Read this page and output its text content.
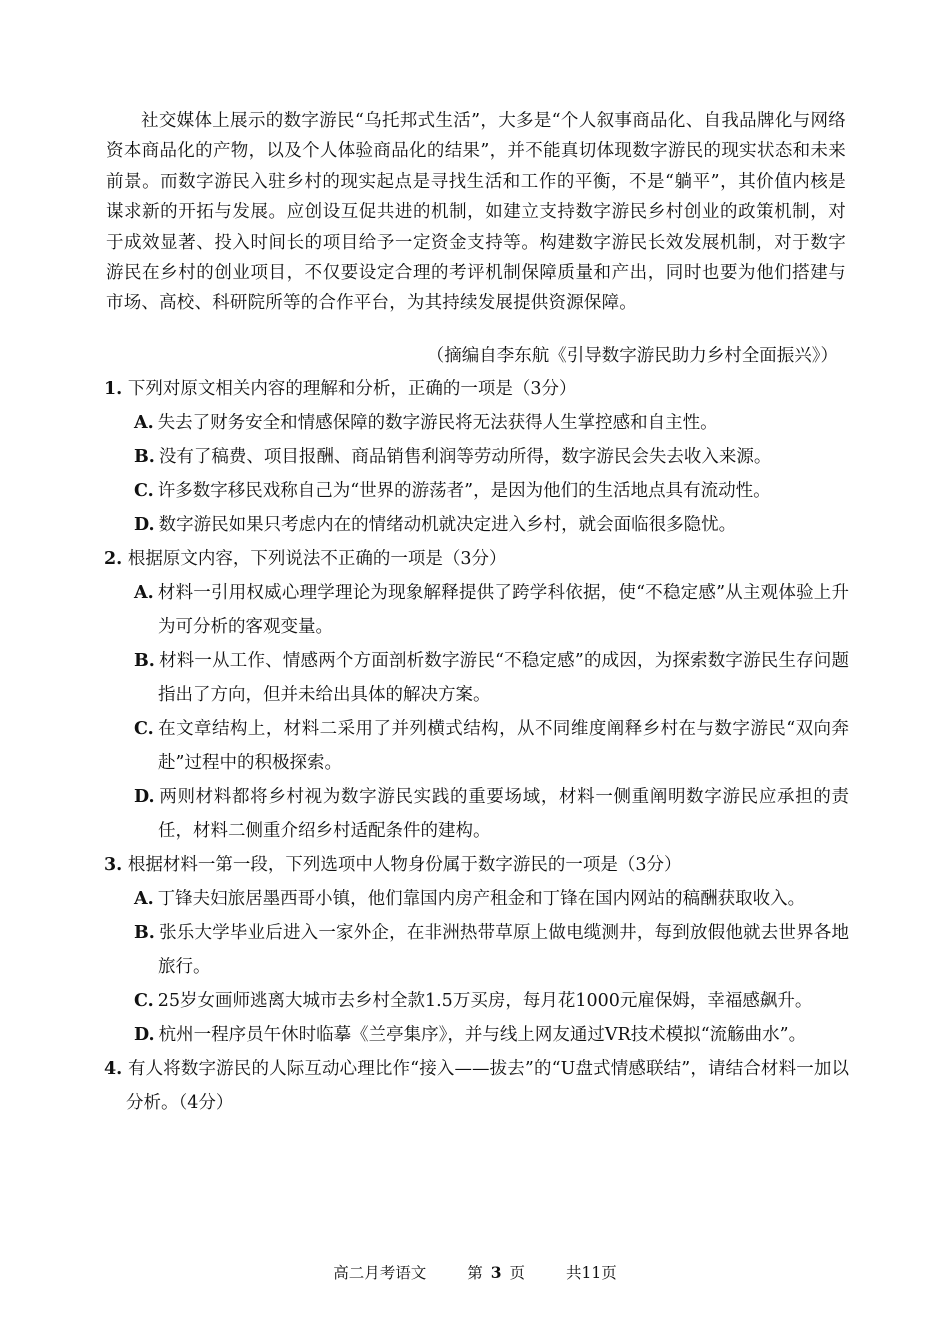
社交媒体上展示的数字游民“乌托邦式生活”，大多是“个人叙事商品化、自我品牌化与网络资本商品化的产物，以及个人体验商品化的结果”，并不能真切体现数字游民的现实状态和未来前景。而数字游民入驻乡村的现实起点是寻找生活和工作的平衡，不是“躺平”，其价值内核是谋求新的开拓与发展。应创设互促共进的机制，如建立支持数字游民乡村创业的政策机制，对于成效显著、投入时间长的项目给予一定资金支持等。构建数字游民长效发展机制，对于数字游民在乡村的创业项目，不仅要设定合理的考评机制保障质量和产出，同时也要为他们搭建与市场、高校、科研院所等的合作平台，为其持续发展提供资源保障。

（摘编自李东航《引导数字游民助力乡村全面振兴》）

1. 下列对原文相关内容的理解和分析，正确的一项是（3分）

A. 失去了财务安全和情感保障的数字游民将无法获得人生掌控感和自主性。

B. 没有了稿费、项目报酬、商品销售利润等劳动所得，数字游民会失去收入来源。

C. 许多数字移民戏称自己为“世界的游荡者”，是因为他们的生活地点具有流动性。

D. 数字游民如果只考虑内在的情绪动机就决定进入乡村，就会面临很多隐忧。

2. 根据原文内容，下列说法不正确的一项是（3分）

A. 材料一引用权威心理学理论为现象解释提供了跨学科依据，使“不稳定感”从主观体验上升为可分析的客观变量。

B. 材料一从工作、情感两个方面剖析数字游民“不稳定感”的成因，为探索数字游民生存问题指出了方向，但并未给出具体的解决方案。

C. 在文章结构上，材料二采用了并列横式结构，从不同维度阐释乡村在与数字游民“双向奔赴”过程中的积极探索。

D. 两则材料都将乡村视为数字游民实践的重要场域，材料一侧重阐明数字游民应承担的责任，材料二侧重介绍乡村适配条件的建构。

3. 根据材料一第一段，下列选项中人物身份属于数字游民的一项是（3分）

A. 丁锋夫妇旅居墨西哥小镇，他们靠国内房产租金和丁锋在国内网站的稿酬获取收入。

B. 张乐大学毕业后进入一家外企，在非洲热带草原上做电缆测井，每到放假他就去世界各地旅行。

C. 25岁女画师逃离大城市去乡村全款1.5万买房，每月花1000元雇保姆，幸福感飙升。

D. 杭州一程序员午休时临摹《兰亭集序》，并与线上网友通过VR技术模拟“流觞曲水”。

4. 有人将数字游民的人际互动心理比作“接入——拔去”的“U盘式情感联结”，请结合材料一加以分析。（4分）

高二月考语文	第 3 页	共11页
